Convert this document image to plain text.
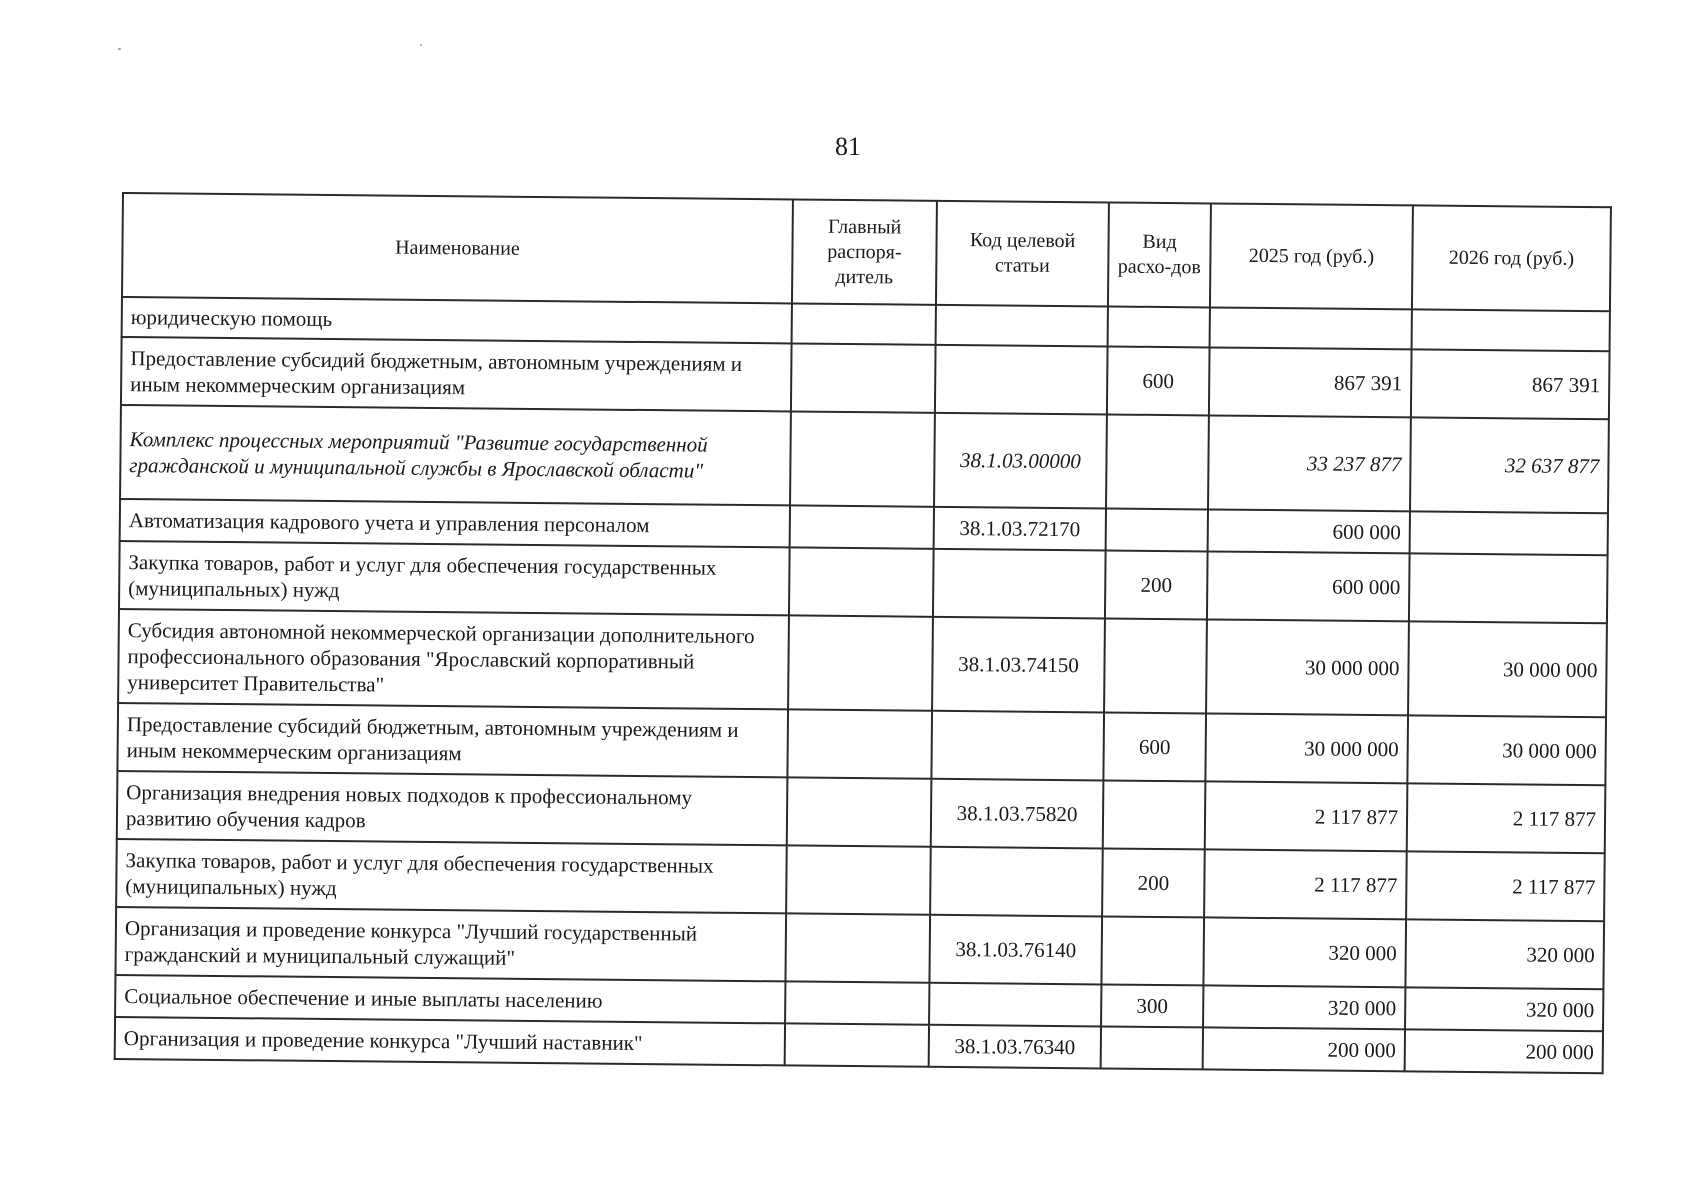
81
Наименование	Главный распоря-дитель	Код целевой статьи	Вид расхо-дов	2025 год (руб.)	2026 год (руб.)
юридическую помощь					
Предоставление субсидий бюджетным, автономным учреждениям и иным некоммерческим организациям			600	867 391	867 391
Комплекс процессных мероприятий "Развитие государственной гражданской и муниципальной службы в Ярославской области"		38.1.03.00000		33 237 877	32 637 877
Автоматизация кадрового учета и управления персоналом		38.1.03.72170		600 000	
Закупка товаров, работ и услуг для обеспечения государственных (муниципальных) нужд			200	600 000	
Субсидия автономной некоммерческой организации дополнительного профессионального образования "Ярославский корпоративный университет Правительства"		38.1.03.74150		30 000 000	30 000 000
Предоставление субсидий бюджетным, автономным учреждениям и иным некоммерческим организациям			600	30 000 000	30 000 000
Организация внедрения новых подходов к профессиональному развитию обучения кадров		38.1.03.75820		2 117 877	2 117 877
Закупка товаров, работ и услуг для обеспечения государственных (муниципальных) нужд			200	2 117 877	2 117 877
Организация и проведение конкурса "Лучший государственный гражданский и муниципальный служащий"		38.1.03.76140		320 000	320 000
Социальное обеспечение и иные выплаты населению			300	320 000	320 000
Организация и проведение конкурса "Лучший наставник"		38.1.03.76340		200 000	200 000
